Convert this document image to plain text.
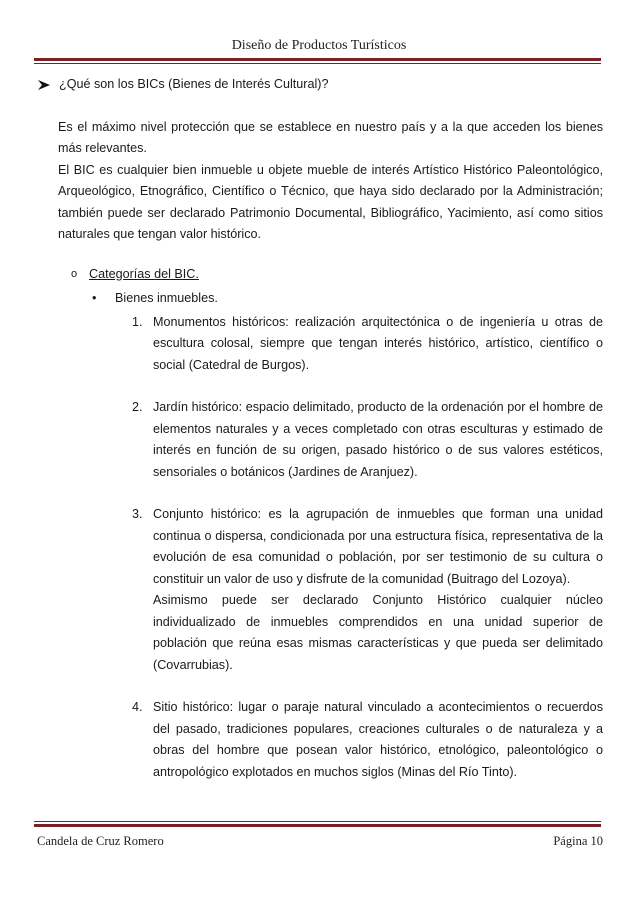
Diseño de Productos Turísticos
¿Qué son los BICs (Bienes de Interés Cultural)?
Es el máximo nivel protección que se establece en nuestro país y a la que acceden los bienes más relevantes.
El BIC es cualquier bien inmueble u objete mueble de interés Artístico Histórico Paleontológico, Arqueológico, Etnográfico, Científico o Técnico, que haya sido declarado por la Administración; también puede ser declarado Patrimonio Documental, Bibliográfico, Yacimiento, así como sitios naturales que tengan valor histórico.
o Categorías del BIC.
•	Bienes inmuebles.
1. Monumentos históricos: realización arquitectónica o de ingeniería u otras de escultura colosal, siempre que tengan interés histórico, artístico, científico o social (Catedral de Burgos).
2. Jardín histórico: espacio delimitado, producto de la ordenación por el hombre de elementos naturales y a veces completado con otras esculturas y estimado de interés en función de su origen, pasado histórico o de sus valores estéticos, sensoriales o botánicos (Jardines de Aranjuez).
3. Conjunto histórico: es la agrupación de inmuebles que forman una unidad continua o dispersa, condicionada por una estructura física, representativa de la evolución de esa comunidad o población, por ser testimonio de su cultura o constituir un valor de uso y disfrute de la comunidad (Buitrago del Lozoya).
Asimismo puede ser declarado Conjunto Histórico cualquier núcleo individualizado de inmuebles comprendidos en una unidad superior de población que reúna esas mismas características y que pueda ser delimitado (Covarrubias).
4. Sitio histórico: lugar o paraje natural vinculado a acontecimientos o recuerdos del pasado, tradiciones populares, creaciones culturales o de naturaleza y a obras del hombre que posean valor histórico, etnológico, paleontológico o antropológico explotados en muchos siglos (Minas del Río Tinto).
Candela de Cruz Romero	Página 10
